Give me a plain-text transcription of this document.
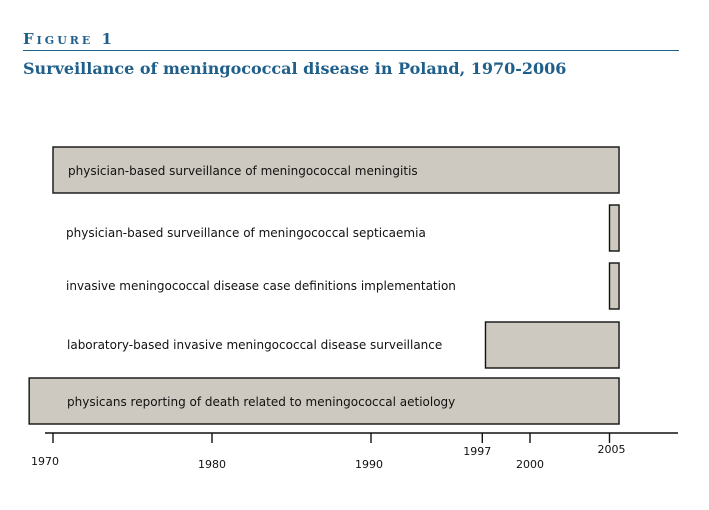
Figure 1
Surveillance of meningococcal disease in Poland, 1970-2006
physician-based surveillance of meningococcal meningitis
physician-based surveillance of meningococcal septicaemia
invasive meningococcal disease case definitions implementation
laboratory-based invasive meningococcal disease surveillance
physicans reporting of death related to meningococcal aetiology
1970	1980	1990
1997
2000
2005
